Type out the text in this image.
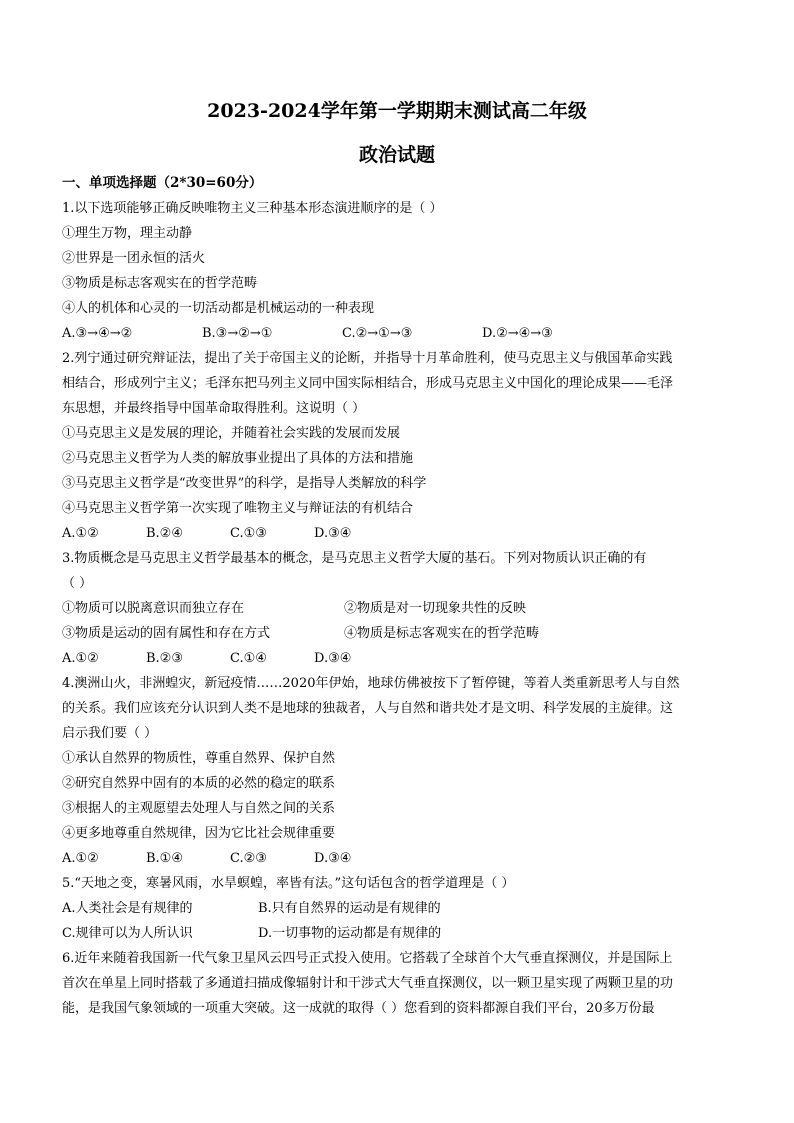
2023-2024学年第一学期期末测试高二年级
政治试题
一、单项选择题（2*30=60分）
1.以下选项能够正确反映唯物主义三种基本形态演进顺序的是（ ）
①理生万物，理主动静
②世界是一团永恒的活火
③物质是标志客观实在的哲学范畴
④人的机体和心灵的一切活动都是机械运动的一种表现
A.③→④→②	B.③→②→①	C.②→①→③	D.②→④→③
2.列宁通过研究辩证法，提出了关于帝国主义的论断，并指导十月革命胜利，使马克思主义与俄国革命实践
相结合，形成列宁主义；毛泽东把马列主义同中国实际相结合，形成马克思主义中国化的理论成果——毛泽
东思想，并最终指导中国革命取得胜利。这说明（ ）
①马克思主义是发展的理论，并随着社会实践的发展而发展
②马克思主义哲学为人类的解放事业提出了具体的方法和措施
③马克思主义哲学是“改变世界”的科学，是指导人类解放的科学
④马克思主义哲学第一次实现了唯物主义与辩证法的有机结合
A.①②	B.②④	C.①③	D.③④
3.物质概念是马克思主义哲学最基本的概念，是马克思主义哲学大厦的基石。下列对物质认识正确的有
（ ）
①物质可以脱离意识而独立存在	②物质是对一切现象共性的反映
③物质是运动的固有属性和存在方式	④物质是标志客观实在的哲学范畴
A.①②	B.②③	C.①④	D.③④
4.澳洲山火，非洲蝗灾，新冠疫情……2020年伊始，地球仿佛被按下了暂停键，等着人类重新思考人与自然
的关系。我们应该充分认识到人类不是地球的独裁者，人与自然和谐共处才是文明、科学发展的主旋律。这
启示我们要（ ）
①承认自然界的物质性，尊重自然界、保护自然
②研究自然界中固有的本质的必然的稳定的联系
③根据人的主观愿望去处理人与自然之间的关系
④更多地尊重自然规律，因为它比社会规律重要
A.①②	B.①④	C.②③	D.③④
5.“天地之变，寒暑风雨，水旱螟蝗，率皆有法。”这句话包含的哲学道理是（ ）
A.人类社会是有规律的	B.只有自然界的运动是有规律的
C.规律可以为人所认识	D.一切事物的运动都是有规律的
6.近年来随着我国新一代气象卫星风云四号正式投入使用。它搭载了全球首个大气垂直探测仪，并是国际上
首次在单星上同时搭载了多通道扫描成像辐射计和干涉式大气垂直探测仪，以一颗卫星实现了两颗卫星的功
能，是我国气象领域的一项重大突破。这一成就的取得（ ）您看到的资料都源自我们平台，20多万份最
